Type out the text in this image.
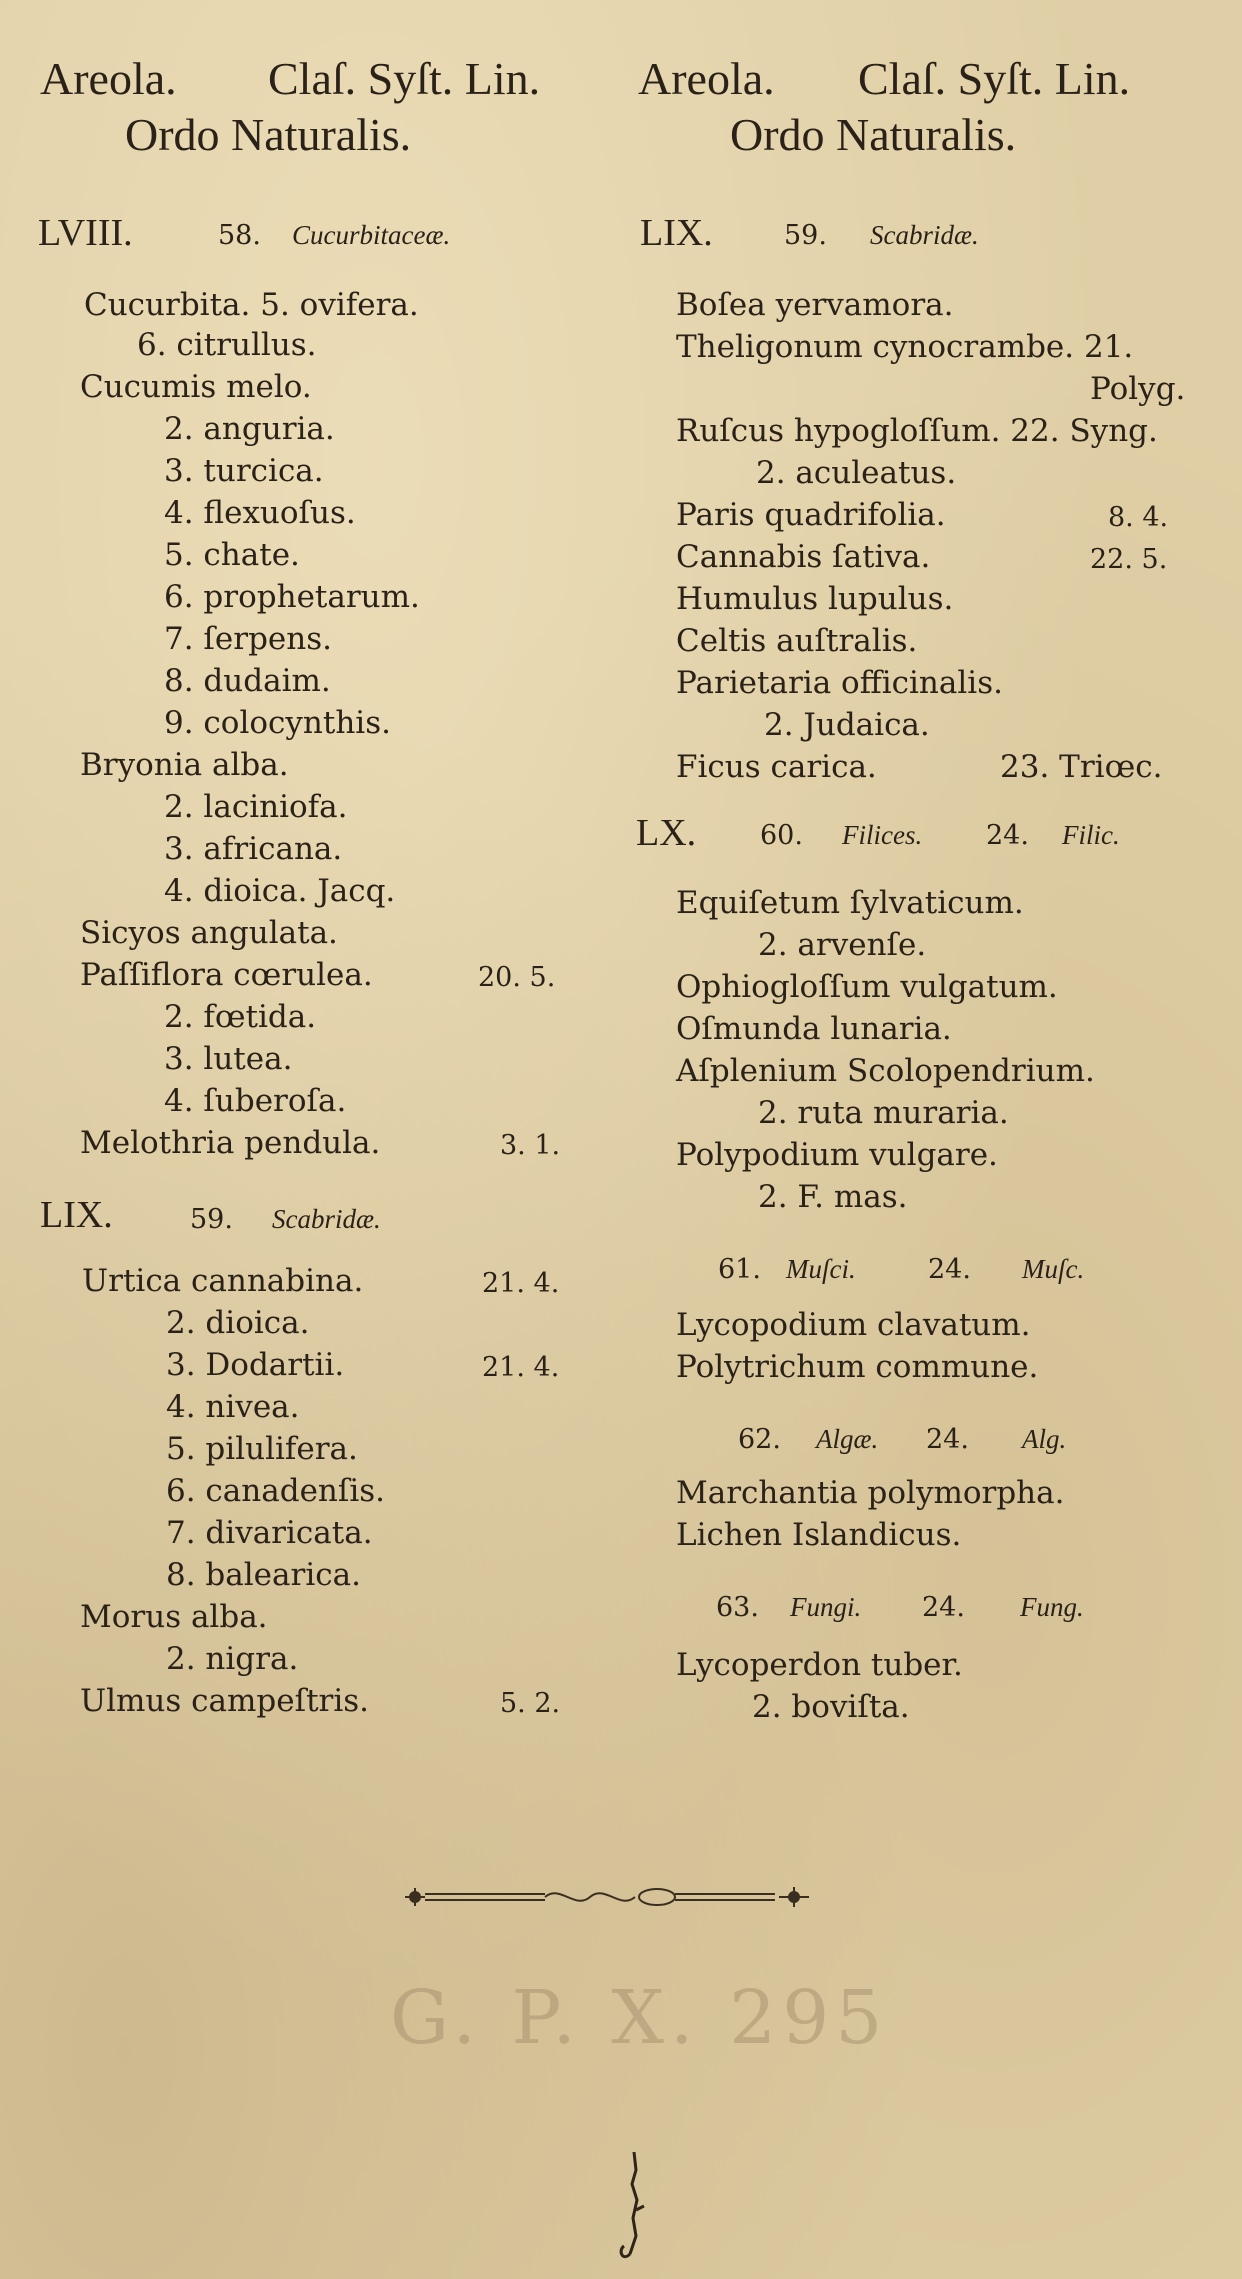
Areola. Claſ. Syſt. Lin.
Ordo Naturalis.
Areola. Claſ. Syſt. Lin.
Ordo Naturalis.
LVIII.	58. Cucurbitaceæ.
Cucurbita. 5. ovifera.
6. citrullus.
Cucumis melo.
2. anguria.
3. turcica.
4. flexuoſus.
5. chate.
6. prophetarum.
7. ſerpens.
8. dudaim.
9. colocynthis.
Bryonia alba.
2. laciniofa.
3. africana.
4. dioica. Jacq.
Sicyos angulata.
Paſſiflora cœrulea.	20. 5.
2. fœtida.
3. lutea.
4. ſuberoſa.
Melothria pendula.	3. 1.
LIX.	59. Scabridæ.
Urtica cannabina.	21. 4.
2. dioica.
3. Dodartii.	21. 4.
4. nivea.
5. pilulifera.
6. canadenſis.
7. divaricata.
8. balearica.
Morus alba.
2. nigra.
Ulmus campeſtris.	5. 2.
LIX.	59. Scabridæ.
Boſea yervamora.
Theligonum cynocrambe. 21.
Polyg.
Ruſcus hypogloſſum. 22. Syng.
2. aculeatus.
Paris quadrifolia.	8. 4.
Cannabis ſativa.	22. 5.
Humulus lupulus.
Celtis auſtralis.
Parietaria officinalis.
2. Judaica.
Ficus carica.	23. Triœc.
LX. 60. Filices. 24. Filic.
Equiſetum ſylvaticum.
2. arvenſe.
Ophiogloſſum vulgatum.
Oſmunda lunaria.
Aſplenium Scolopendrium.
2. ruta muraria.
Polypodium vulgare.
2. F. mas.
61. Muſci.	24. Muſc.
Lycopodium clavatum.
Polytrichum commune.
62. Algæ. 24. Alg.
Marchantia polymorpha.
Lichen Islandicus.
63. Fungi. 24. Fung.
Lycoperdon tuber.
2. boviſta.
G. P. X. 295
